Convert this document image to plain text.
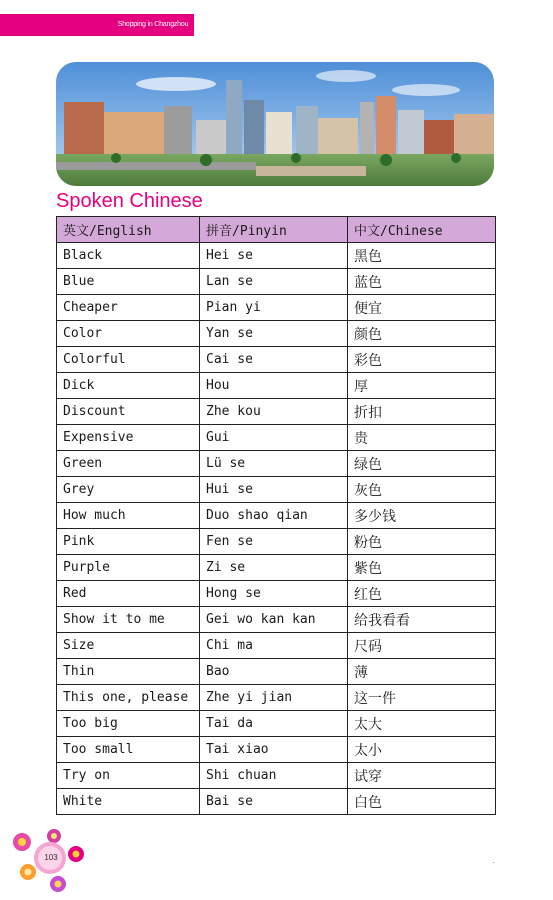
Shopping in Changzhou
Spoken Chinese
英文/English	拼音/Pinyin	中文/Chinese
Black	Hei se	黑色
Blue	Lan se	蓝色
Cheaper	Pian yi	便宜
Color	Yan se	颜色
Colorful	Cai se	彩色
Dick	Hou	厚
Discount	Zhe kou	折扣
Expensive	Gui	贵
Green	Lü se	绿色
Grey	Hui se	灰色
How much	Duo shao qian	多少钱
Pink	Fen se	粉色
Purple	Zi se	紫色
Red	Hong se	红色
Show it to me	Gei wo kan kan	给我看看
Size	Chi ma	尺码
Thin	Bao	薄
This one, please	Zhe yi jian	这一件
Too big	Tai da	太大
Too small	Tai xiao	太小
Try on	Shi chuan	试穿
White	Bai se	白色
103	.
